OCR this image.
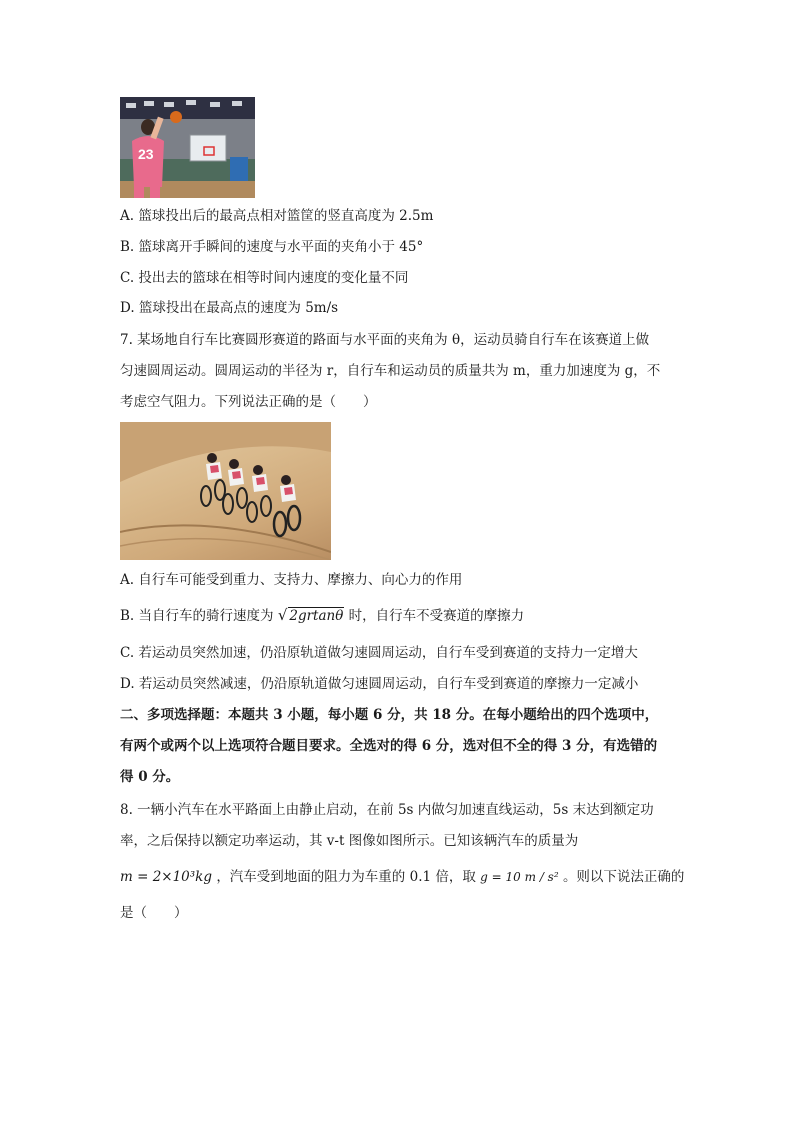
23
A. 篮球投出后的最高点相对篮筐的竖直高度为 2.5m
B. 篮球离开手瞬间的速度与水平面的夹角小于 45°
C. 投出去的篮球在相等时间内速度的变化量不同
D. 篮球投出在最高点的速度为 5m/s
7. 某场地自行车比赛圆形赛道的路面与水平面的夹角为 θ，运动员骑自行车在该赛道上做
匀速圆周运动。圆周运动的半径为 r，自行车和运动员的质量共为 m，重力加速度为 g，不
考虑空气阻力。下列说法正确的是（　　）
A. 自行车可能受到重力、支持力、摩擦力、向心力的作用
B. 当自行车的骑行速度为 √ 2grtanθ 时，自行车不受赛道的摩擦力
C. 若运动员突然加速，仍沿原轨道做匀速圆周运动，自行车受到赛道的支持力一定增大
D. 若运动员突然减速，仍沿原轨道做匀速圆周运动，自行车受到赛道的摩擦力一定减小
二、多项选择题：本题共 3 小题，每小题 6 分，共 18 分。在每小题给出的四个选项中，
有两个或两个以上选项符合题目要求。全选对的得 6 分，选对但不全的得 3 分，有选错的
得 0 分。
8. 一辆小汽车在水平路面上由静止启动，在前 5s 内做匀加速直线运动，5s 末达到额定功
率，之后保持以额定功率运动，其 v-t 图像如图所示。已知该辆汽车的质量为
m = 2×10³kg ，汽车受到地面的阻力为车重的 0.1 倍，取 g = 10 m / s² 。则以下说法正确的
是（　　）
